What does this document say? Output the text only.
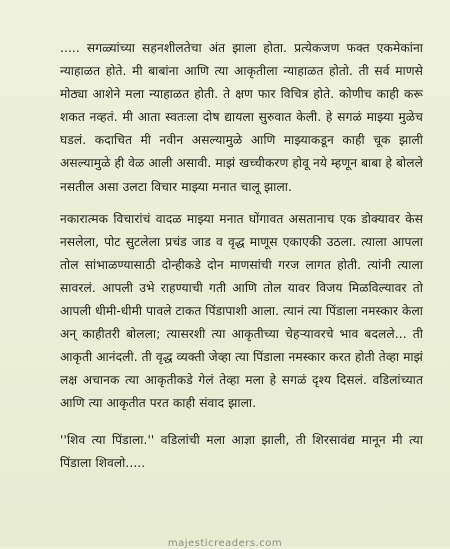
..... सगळ्यांच्या सहनशीलतेचा अंत झाला होता. प्रत्येकजण फक्त एकमेकांना न्याहाळत होते. मी बाबांना आणि त्या आकृतीला न्याहाळत होतो. ती सर्व माणसे मोठ्या आशेने मला न्याहाळत होती. ते क्षण फार विचित्र होते. कोणीच काही करू शकत नव्हतं. मी आता स्वतःला दोष द्यायला सुरुवात केली. हे सगळं माझ्या मुळेच घडलं. कदाचित मी नवीन असल्यामुळे आणि माझ्याकडून काही चूक झाली असल्यामुळे ही वेळ आली असावी. माझं खच्चीकरण होवू नये म्हणून बाबा हे बोलले नसतील असा उलटा विचार माझ्या मनात चालू झाला.

नकारात्मक विचारांचं वादळ माझ्या मनात घोंगावत असतानाच एक डोक्यावर केस नसलेला, पोट सुटलेला प्रचंड जाड व वृद्ध माणूस एकाएकी उठला. त्याला आपला तोल सांभाळण्यासाठी दोन्हीकडे दोन माणसांची गरज लागत होती. त्यांनी त्याला सावरलं. आपली उभे राहण्याची गती आणि तोल यावर विजय मिळविल्यावर तो आपली धीमी-धीमी पावले टाकत पिंडापाशी आला. त्यानं त्या पिंडाला नमस्कार केला अन् काहीतरी बोलला; त्यासरशी त्या आकृतीच्या चेहऱ्यावरचे भाव बदलले... ती आकृती आनंदली. ती वृद्ध व्यक्ती जेव्हा त्या पिंडाला नमस्कार करत होती तेव्हा माझं लक्ष अचानक त्या आकृतीकडे गेलं तेव्हा मला हे सगळं दृश्य दिसलं. वडिलांच्यात आणि त्या आकृतीत परत काही संवाद झाला.

''शिव त्या पिंडाला.'' वडिलांची मला आज्ञा झाली, ती शिरसावंद्य मानून मी त्या पिंडाला शिवलो.....

majesticreaders.com
